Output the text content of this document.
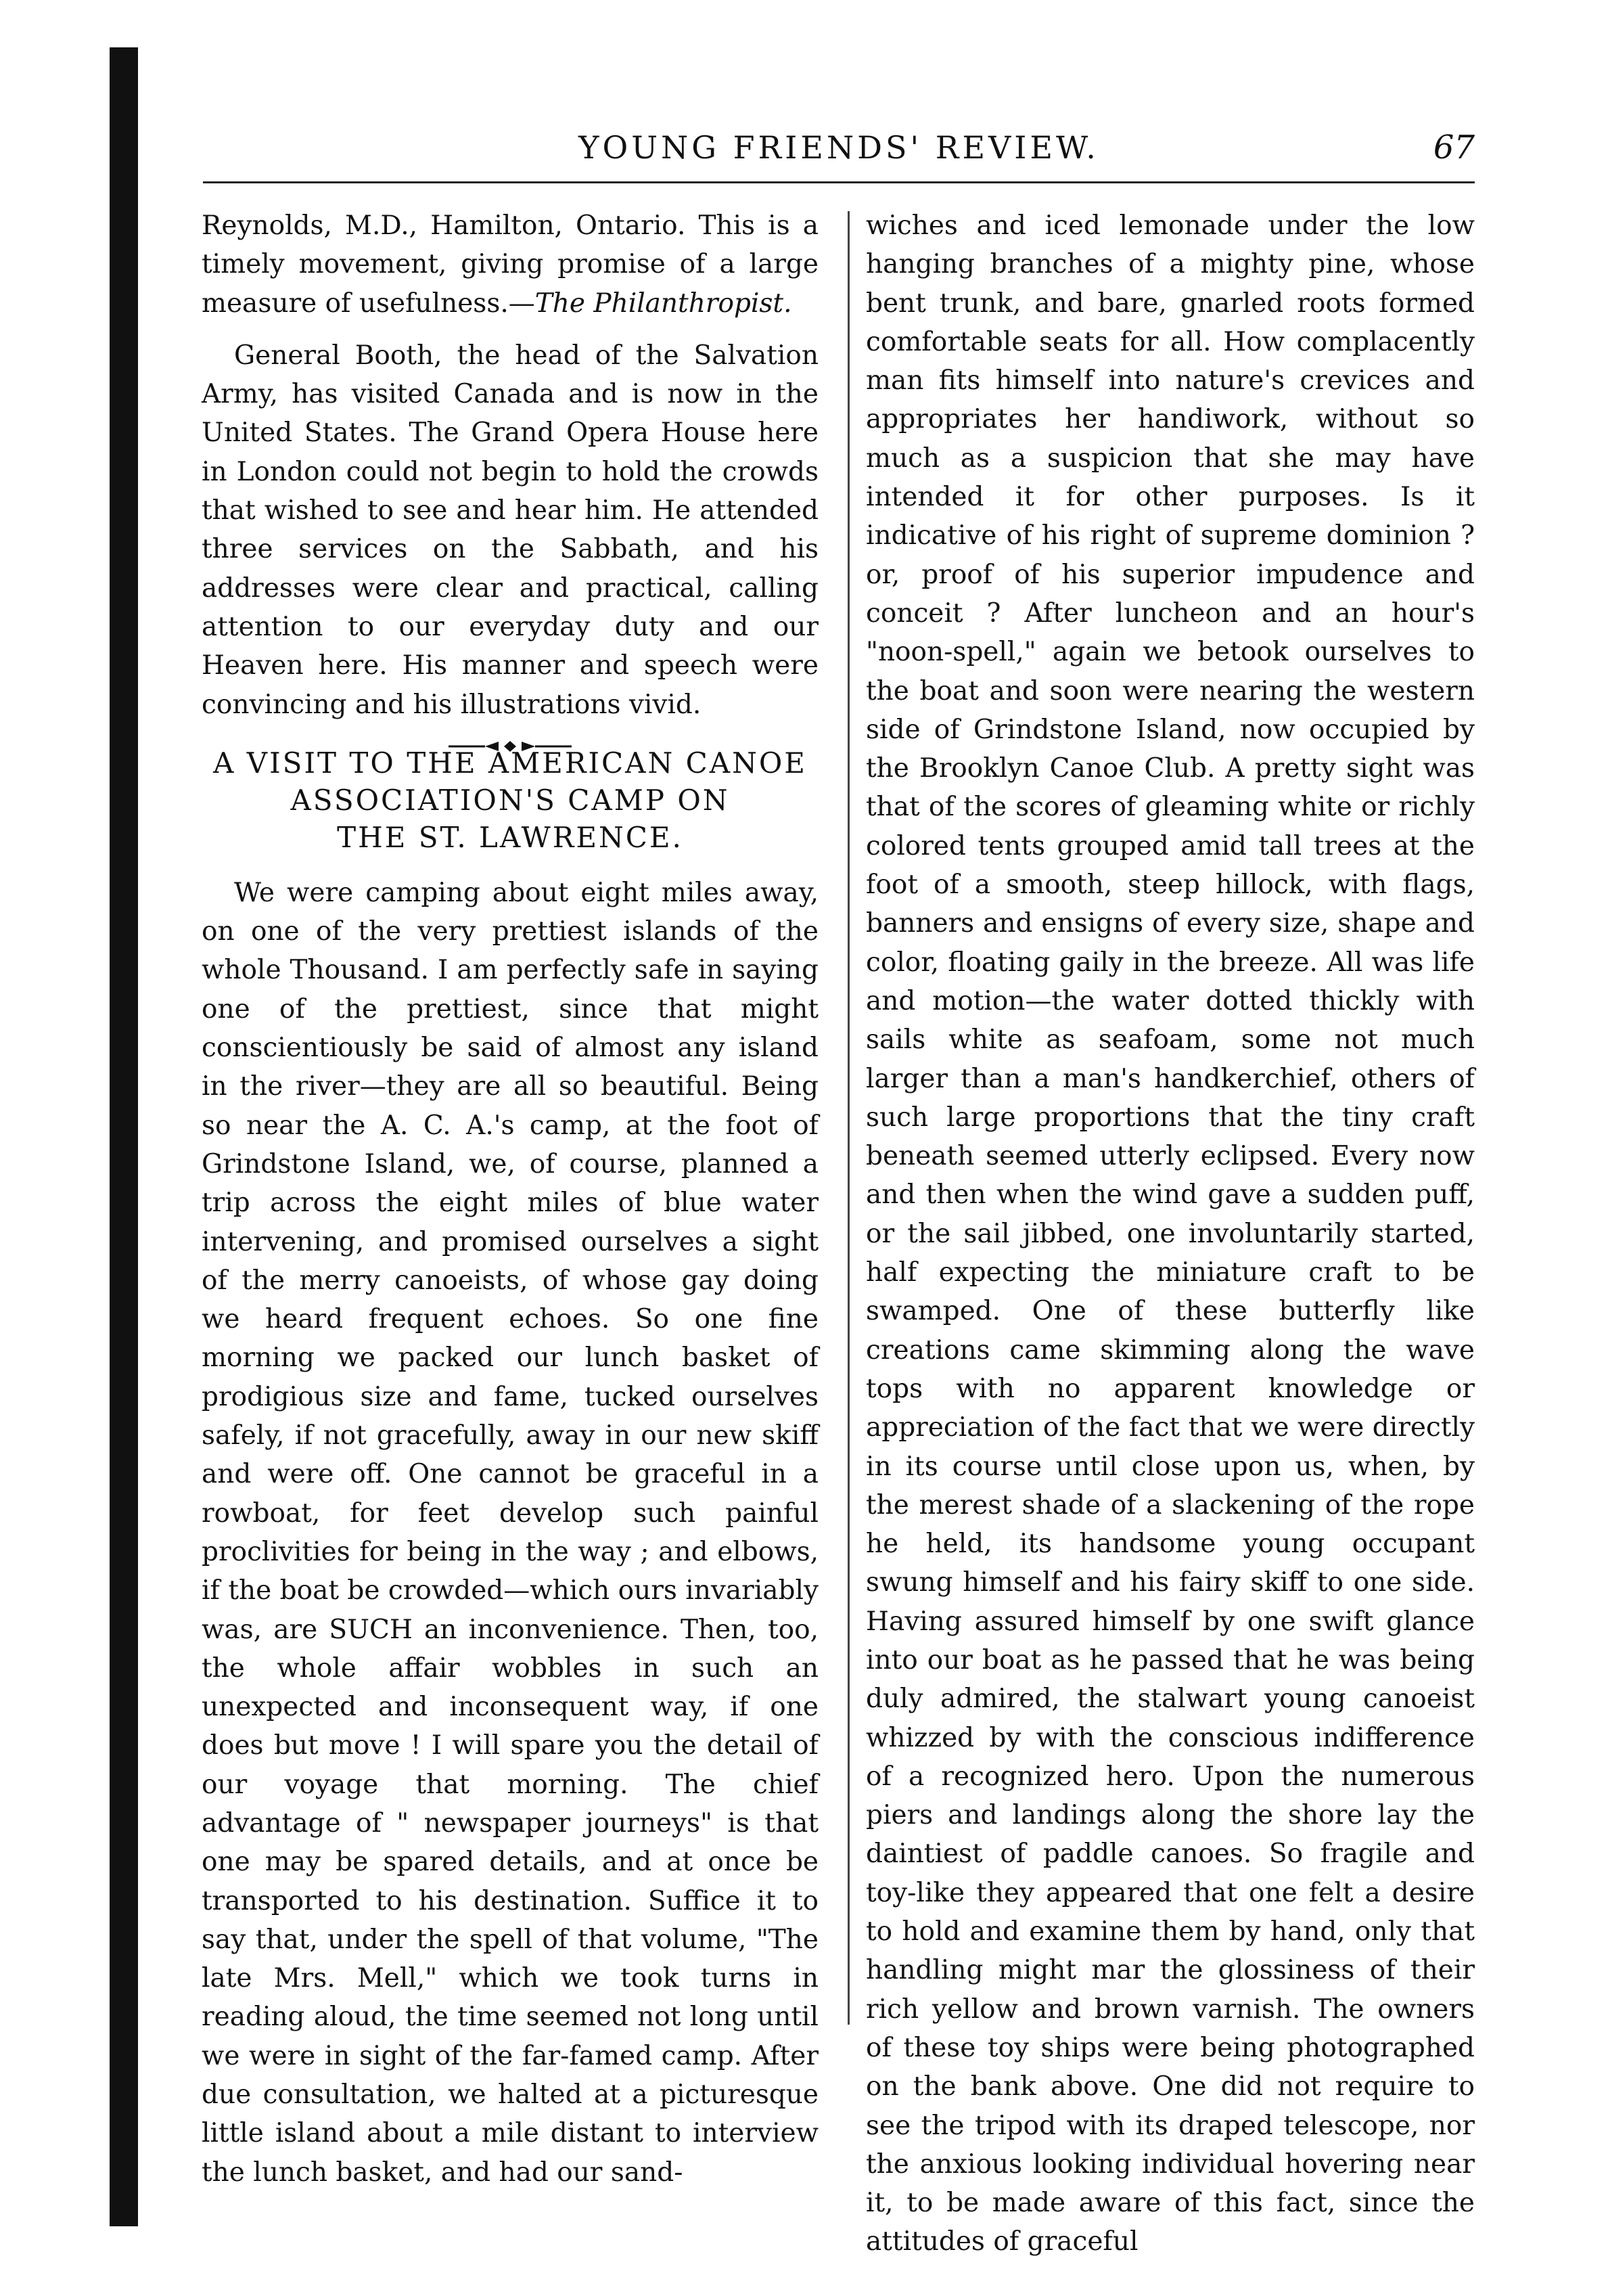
YOUNG FRIENDS' REVIEW.	67

Reynolds, M.D., Hamilton, Ontario. This is a timely movement, giving promise of a large measure of usefulness.—The Philanthropist.

General Booth, the head of the Salvation Army, has visited Canada and is now in the United States. The Grand Opera House here in London could not begin to hold the crowds that wished to see and hear him. He attended three services on the Sabbath, and his addresses were clear and practical, calling attention to our everyday duty and our Heaven here. His manner and speech were convincing and his illustrations vivid.

A VISIT TO THE AMERICAN CANOE
ASSOCIATION'S CAMP ON
THE ST. LAWRENCE.

We were camping about eight miles away, on one of the very prettiest islands of the whole Thousand. I am perfectly safe in saying one of the prettiest, since that might conscientiously be said of almost any island in the river—they are all so beautiful. Being so near the A. C. A.'s camp, at the foot of Grindstone Island, we, of course, planned a trip across the eight miles of blue water intervening, and promised ourselves a sight of the merry canoeists, of whose gay doing we heard frequent echoes. So one fine morning we packed our lunch basket of prodigious size and fame, tucked ourselves safely, if not gracefully, away in our new skiff and were off. One cannot be graceful in a rowboat, for feet develop such painful proclivities for being in the way ; and elbows, if the boat be crowded—which ours invariably was, are SUCH an inconvenience. Then, too, the whole affair wobbles in such an unexpected and inconsequent way, if one does but move ! I will spare you the detail of our voyage that morning. The chief advantage of " newspaper journeys" is that one may be spared details, and at once be transported to his destination. Suffice it to say that, under the spell of that volume, "The late Mrs. Mell," which we took turns in reading aloud, the time seemed not long until we were in sight of the far-famed camp. After due consultation, we halted at a picturesque little island about a mile distant to interview the lunch basket, and had our sand-

wiches and iced lemonade under the low hanging branches of a mighty pine, whose bent trunk, and bare, gnarled roots formed comfortable seats for all. How complacently man fits himself into nature's crevices and appropriates her handiwork, without so much as a suspicion that she may have intended it for other purposes. Is it indicative of his right of supreme dominion ? or, proof of his superior impudence and conceit ? After luncheon and an hour's "noon-spell," again we betook ourselves to the boat and soon were nearing the western side of Grindstone Island, now occupied by the Brooklyn Canoe Club. A pretty sight was that of the scores of gleaming white or richly colored tents grouped amid tall trees at the foot of a smooth, steep hillock, with flags, banners and ensigns of every size, shape and color, floating gaily in the breeze. All was life and motion—the water dotted thickly with sails white as seafoam, some not much larger than a man's handkerchief, others of such large proportions that the tiny craft beneath seemed utterly eclipsed. Every now and then when the wind gave a sudden puff, or the sail jibbed, one involuntarily started, half expecting the miniature craft to be swamped. One of these butterfly like creations came skimming along the wave tops with no apparent knowledge or appreciation of the fact that we were directly in its course until close upon us, when, by the merest shade of a slackening of the rope he held, its handsome young occupant swung himself and his fairy skiff to one side. Having assured himself by one swift glance into our boat as he passed that he was being duly admired, the stalwart young canoeist whizzed by with the conscious indifference of a recognized hero. Upon the numerous piers and landings along the shore lay the daintiest of paddle canoes. So fragile and toy-like they appeared that one felt a desire to hold and examine them by hand, only that handling might mar the glossiness of their rich yellow and brown varnish. The owners of these toy ships were being photographed on the bank above. One did not require to see the tripod with its draped telescope, nor the anxious looking individual hovering near it, to be made aware of this fact, since the attitudes of graceful
